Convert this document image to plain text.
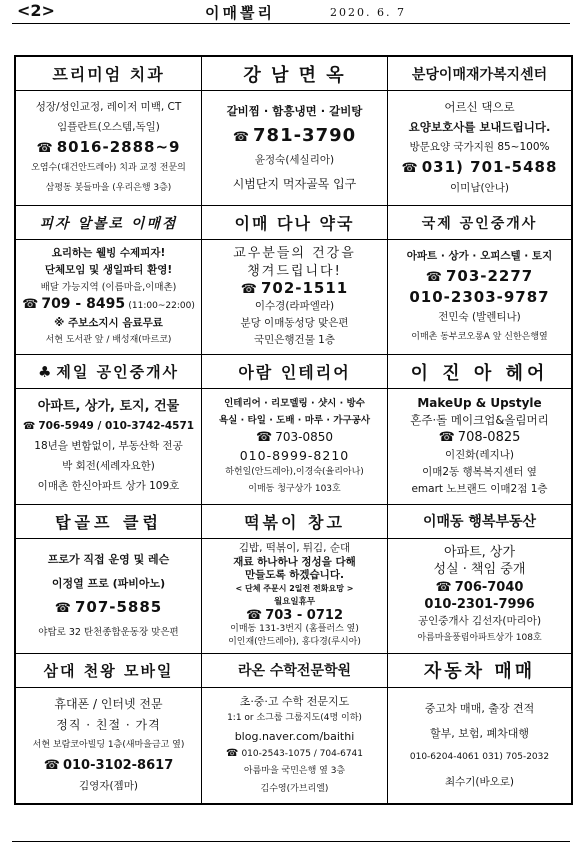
<2>	이매뽈리	2020. 6. 7
프리미엄 치과
성장/성인교정, 레이저 미백, CT
임플란트(오스템,독일)
☎ 8016-2888~9
오염수(대건안드레아) 치과 교정 전문의
삼평동 봇들마을 (우리은행 3층)
강 남 면 옥
갈비찜 · 함흥냉면 · 갈비탕
☎ 781-3790
윤정숙(세실리아)
시범단지 먹자골목 입구
분당이매재가복지센터
어르신 댁으로
요양보호사를 보내드립니다.
방문요양 국가지원 85~100%
☎ 031) 701-5488
이미남(안나)
피자 알볼로 이매점
요리하는 웰빙 수제피자!
단체모임 및 생일파티 환영!
배달 가능지역 (이름마을,이매촌)
☎ 709 - 8495 (11:00~22:00)
※ 주보소지시 음료무료
서현 도서관 앞 / 배성재(마르코)
이매 다나 약국
교우분들의 건강을
챙겨드립니다!
☎ 702-1511
이수경(라파엘라)
분당 이매동성당 맞은편
국민은행건물 1층
국제 공인중개사
아파트 · 상가 · 오피스텔 · 토지
☎ 703-2277
010-2303-9787
전민숙 (발렌티나)
이매촌 동부코오롱A 앞 신한은행옆
♣ 제일 공인중개사
아파트, 상가, 토지, 건물
☎ 706-5949 / 010-3742-4571
18년을 변함없이, 부동산학 전공
박 회전(세례자요한)
이매촌 한신아파트 상가 109호
아람 인테리어
인테리어 · 리모델링 · 샷시 · 방수
욕실 · 타일 · 도배 · 마루 · 가구공사
☎ 703-0850
010-8999-8210
하헌일(안드레아),이경숙(율리아나)
이매동 청구상가 103호
이 진 아 헤어
MakeUp & Upstyle
혼주·돌 메이크업&올림머리
☎ 708-0825
이진화(레지나)
이매2동 행복복지센터 옆
emart 노브랜드 이매2점 1층
탑골프 클럽
프로가 직접 운영 및 레슨
이정열 프로 (파비아노)
☎ 707-5885
야탑로 32 탄천종합운동장 맞은편
떡볶이 창고
김밥, 떡볶이, 튀김, 순대
재료 하나하나 정성을 다해
만들도록 하겠습니다.
< 단체 주문시 2일전 전화요망 >
월요일휴무
☎ 703 - 0712
이매동 131-3번지 (홈플러스 옆)
이인재(안드레아), 홍다경(루시아)
이매동 행복부동산
아파트, 상가
성실 · 책임 중개
☎ 706-7040
010-2301-7996
공인중개사 김선자(마리아)
아름마을풍림아파트상가 108호
삼대 천왕 모바일
휴대폰 / 인터넷 전문
정직 · 친절 · 가격
서현 보람코아빌딩 1층(새마을금고 옆)
☎ 010-3102-8617
김영자(젬마)
라온 수학전문학원
초·중·고 수학 전문지도
1:1 or 소그룹 그룹지도(4명 이하)
blog.naver.com/baithi
☎ 010-2543-1075 / 704-6741
아름마을 국민은행 옆 3층
김수영(가브리엘)
자동차 매매
중고차 매매, 출장 견적
할부, 보험, 폐차대행
010-6204-4061 031) 705-2032
최수기(바오로)
